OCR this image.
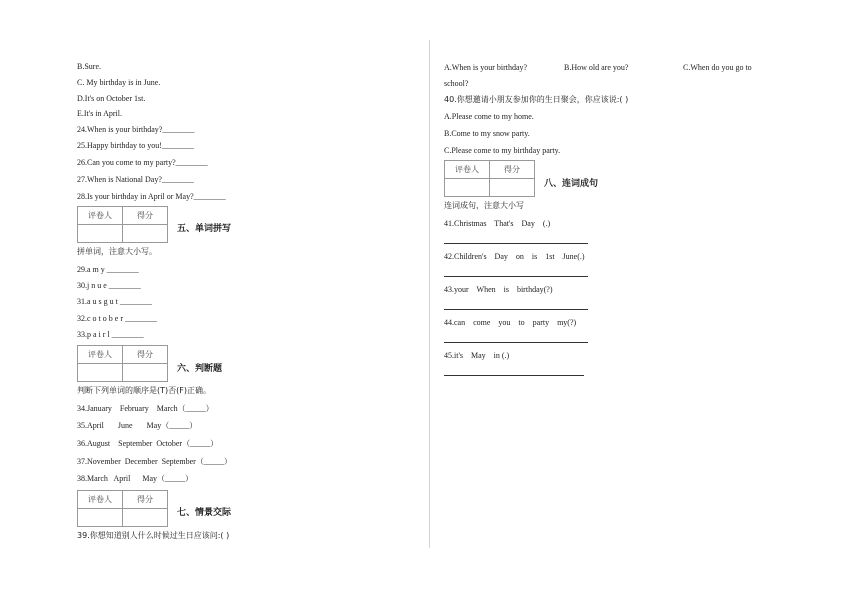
B.Sure.
C. My birthday is in June.
D.It's on October 1st.
E.It's in April.
24.When is your birthday?________
25.Happy birthday to you!________
26.Can you come to my party?________
27.When is National Day?________
28.Is your birthday in April or May?________
评卷人	得分

五、单词拼写
拼单词，注意大小写。
29.a m y ________
30.j n u e ________
31.a u s g u t ________
32.c o t o b e r ________
33.p a i r l ________
评卷人	得分

六、判断题
判断下列单词的顺序是(T)否(F)正确。
34.January    February    March（_____）
35.April       June       May（_____）
36.August    September  October（_____）
37.November  December  September（_____）
38.March   April      May（_____）
评卷人	得分

七、情景交际
39.你想知道别人什么时候过生日应该问:( )
A.When is your birthday?	B.How old are you?	C.When do you go to
school?
40.你想邀请小朋友参加你的生日聚会，你应该说:( )
A.Please come to my home.
B.Come to my snow party.
C.Please come to my birthday party.
评卷人	得分

八、连词成句
连词成句，注意大小写
41.Christmas    That's    Day    (.)
42.Children's    Day    on    is    1st    June(.)
43.your    When    is    birthday(?)
44.can    come    you    to    party    my(?)
45.it's    May    in (.)
